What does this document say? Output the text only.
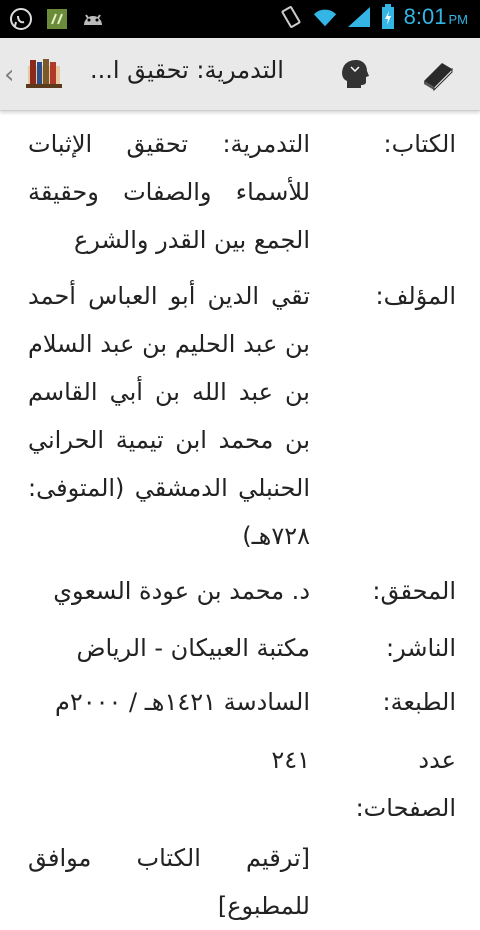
8:01 PM
‹	التدمرية: تحقيق ا...
الكتاب:
التدمرية: تحقيق الإثبات للأسماء والصفات وحقيقة الجمع بين القدر والشرع
المؤلف:
تقي الدين أبو العباس أحمد بن عبد الحليم بن عبد السلام بن عبد الله بن أبي القاسم بن محمد ابن تيمية الحراني الحنبلي الدمشقي (المتوفى: ٧٢٨هـ)
المحقق:
د. محمد بن عودة السعوي
الناشر:
مكتبة العبيكان - الرياض
الطبعة:
السادسة ١٤٢١هـ / ٢٠٠٠م
عدد الصفحات:
٢٤١
[ترقيم الكتاب موافق للمطبوع]
